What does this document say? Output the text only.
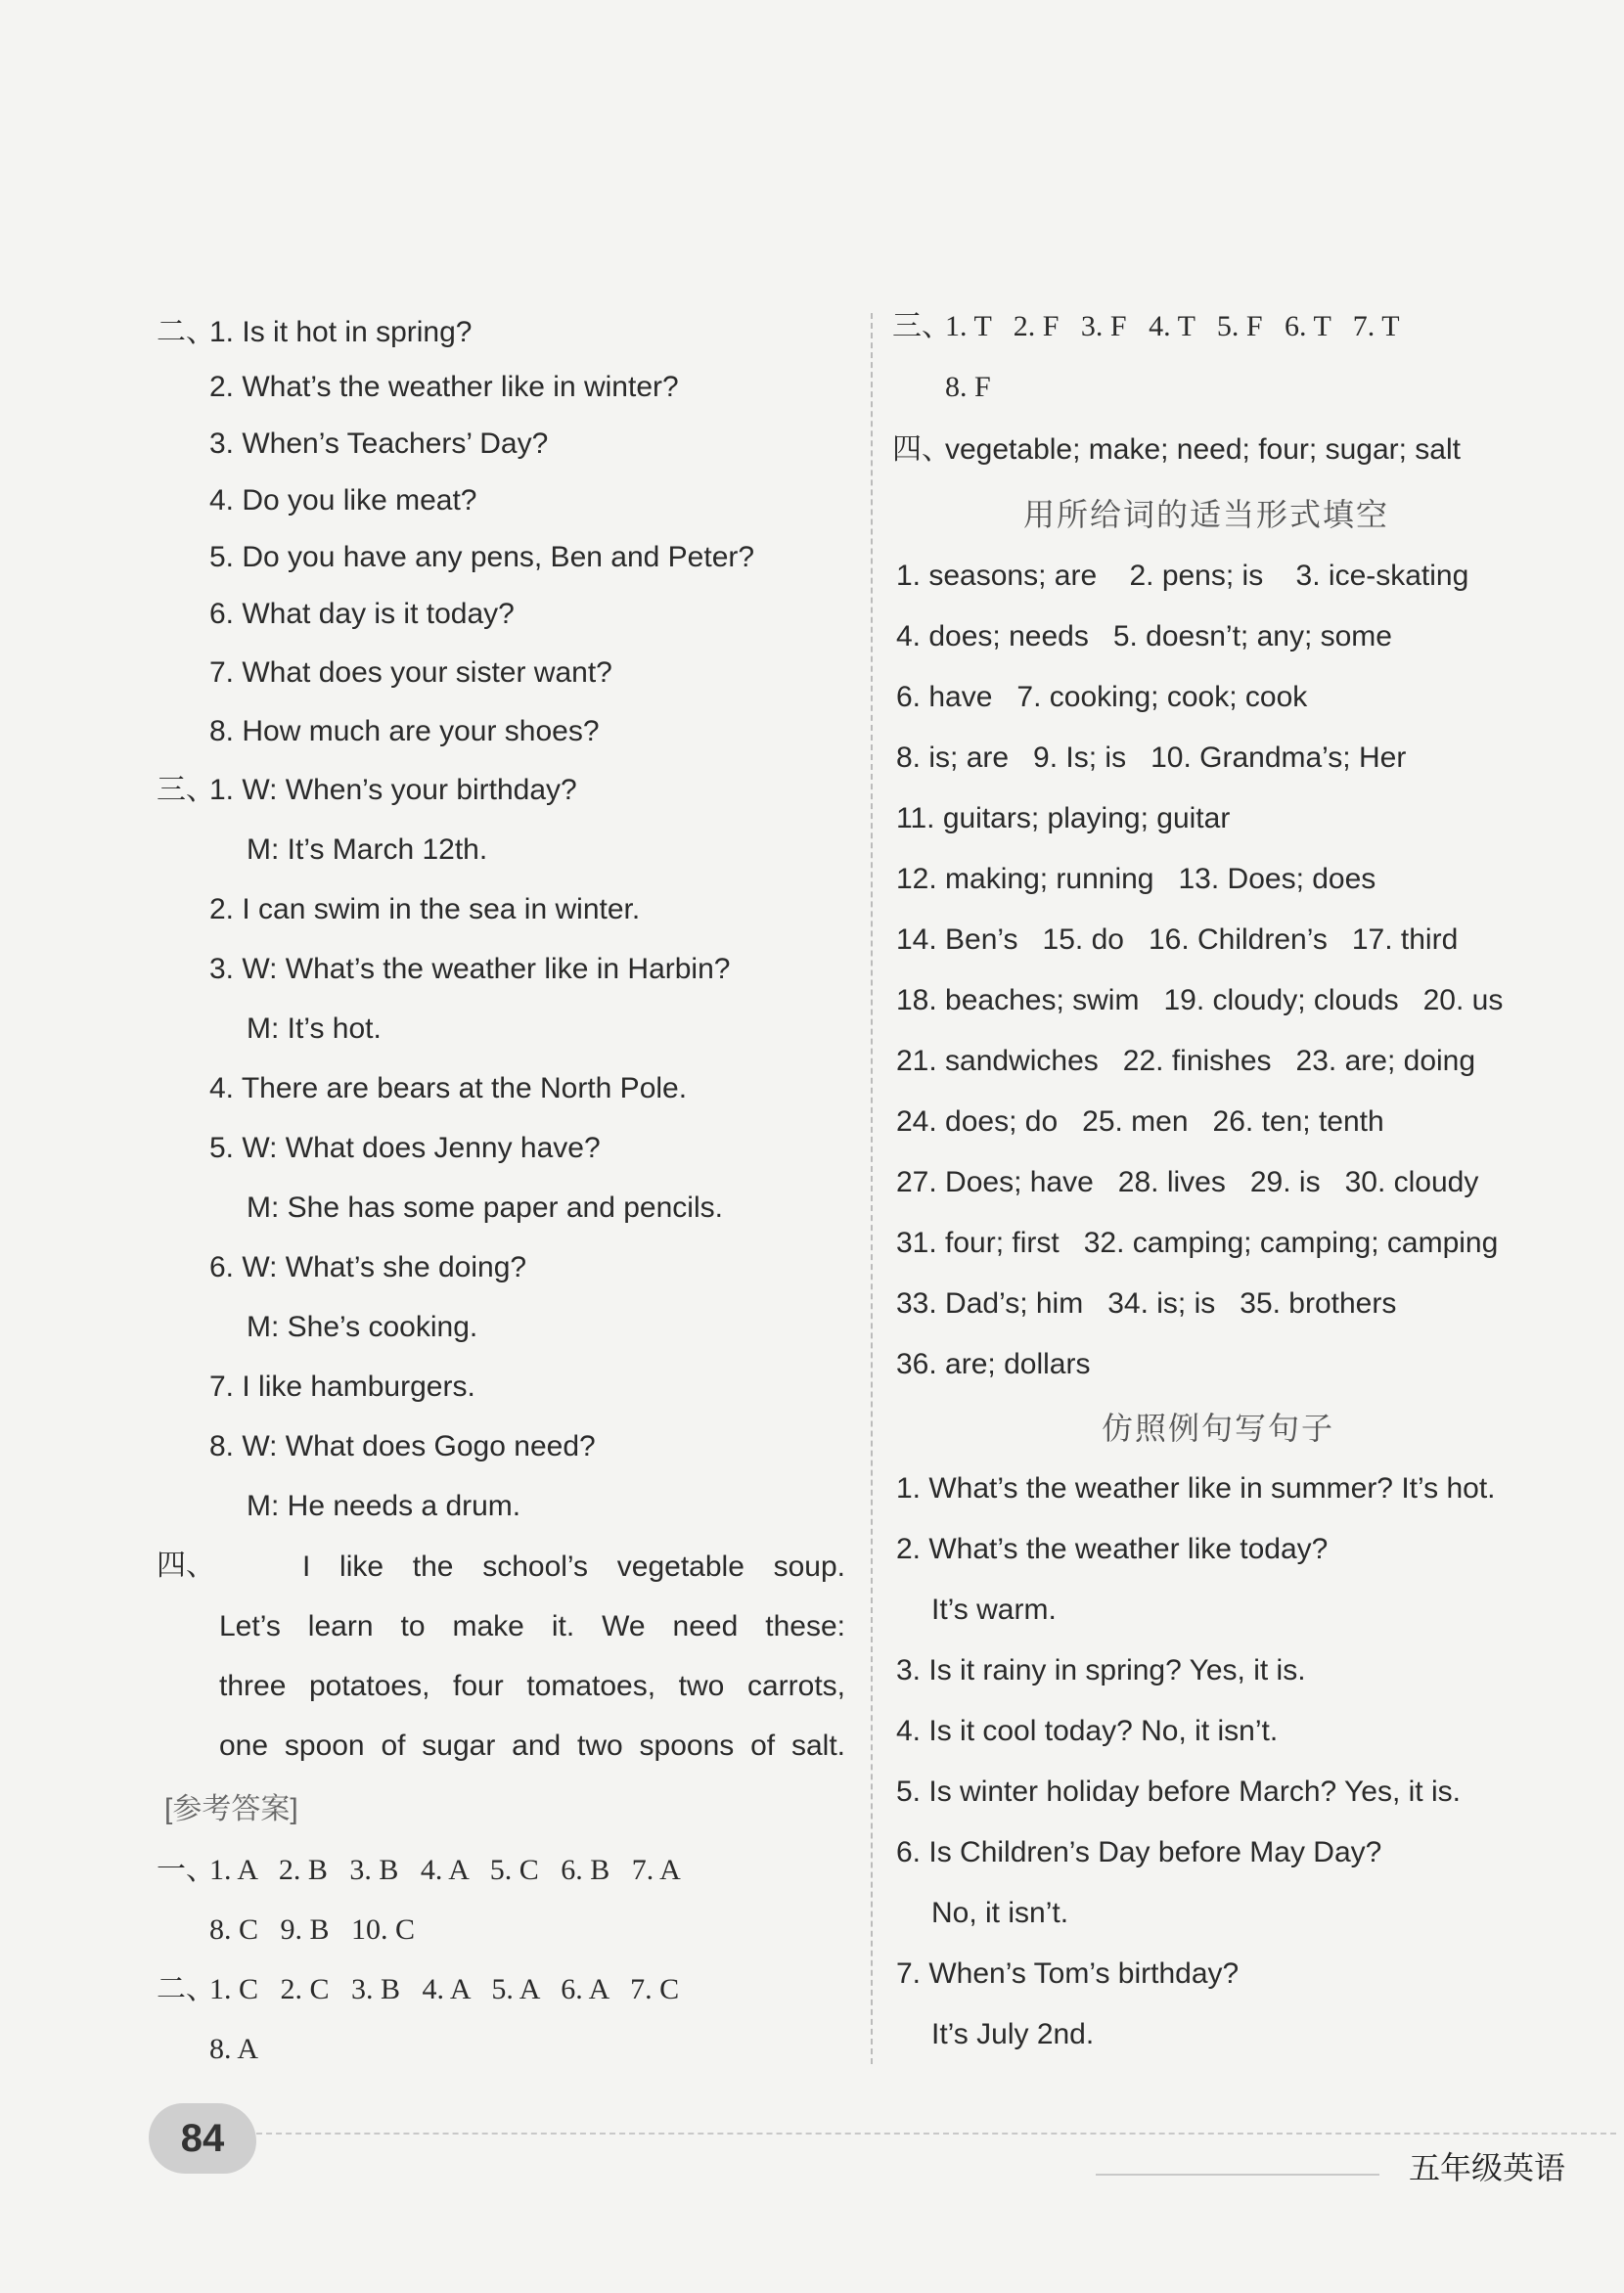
二、
1. Is it hot in spring?
2. What’s the weather like in winter?
3. When’s Teachers’ Day?
4. Do you like meat?
5. Do you have any pens, Ben and Peter?
6. What day is it today?
7. What does your sister want?
8. How much are your shoes?
三、
1. W: When’s your birthday?
M: It’s March 12th.
2. I can swim in the sea in winter.
3. W: What’s the weather like in Harbin?
M: It’s hot.
4. There are bears at the North Pole.
5. W: What does Jenny have?
M: She has some paper and pencils.
6. W: What’s she doing?
M: She’s cooking.
7. I like hamburgers.
8. W: What does Gogo need?
M: He needs a drum.
四、	I like the school’s vegetable soup.
Let’s learn to make it. We need these:
three potatoes, four tomatoes, two carrots,
one spoon of sugar and two spoons of salt.
[参考答案]
一、
1. A   2. B   3. B   4. A   5. C   6. B   7. A
8. C   9. B   10. C
二、
1. C   2. C   3. B   4. A   5. A   6. A   7. C
8. A
三、
1. T   2. F   3. F   4. T   5. F   6. T   7. T
8. F
四、
vegetable; make; need; four; sugar; salt
用所给词的适当形式填空
1. seasons; are    2. pens; is    3. ice-skating
4. does; needs   5. doesn’t; any; some
6. have   7. cooking; cook; cook
8. is; are   9. Is; is   10. Grandma’s; Her
11. guitars; playing; guitar
12. making; running   13. Does; does
14. Ben’s   15. do   16. Children’s   17. third
18. beaches; swim   19. cloudy; clouds   20. us
21. sandwiches   22. finishes   23. are; doing
24. does; do   25. men   26. ten; tenth
27. Does; have   28. lives   29. is   30. cloudy
31. four; first   32. camping; camping; camping
33. Dad’s; him   34. is; is   35. brothers
36. are; dollars
仿照例句写句子
1. What’s the weather like in summer? It’s hot.
2. What’s the weather like today?
It’s warm.
3. Is it rainy in spring? Yes, it is.
4. Is it cool today? No, it isn’t.
5. Is winter holiday before March? Yes, it is.
6. Is Children’s Day before May Day?
No, it isn’t.
7. When’s Tom’s birthday?
It’s July 2nd.
84
五年级英语
